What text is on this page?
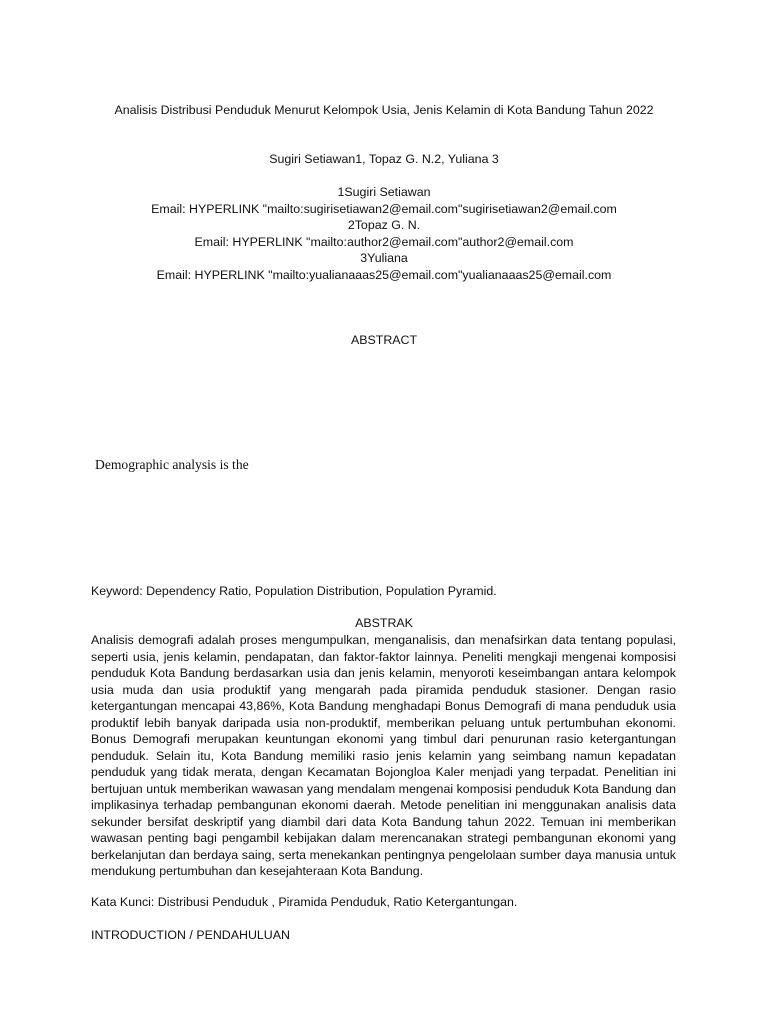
Analisis Distribusi Penduduk Menurut Kelompok Usia, Jenis Kelamin di Kota Bandung Tahun 2022
Sugiri Setiawan1, Topaz G. N.2, Yuliana 3
1Sugiri Setiawan
Email: HYPERLINK "mailto:sugirisetiawan2@email.com"sugirisetiawan2@email.com
2Topaz G. N.
Email: HYPERLINK "mailto:author2@email.com"author2@email.com
3Yuliana
Email: HYPERLINK "mailto:yualianaaas25@email.com"yualianaaas25@email.com
ABSTRACT
Demographic analysis is the
Keyword: Dependency Ratio, Population Distribution, Population Pyramid.
ABSTRAK
Analisis demografi adalah proses mengumpulkan, menganalisis, dan menafsirkan data tentang populasi, seperti usia, jenis kelamin, pendapatan, dan faktor-faktor lainnya. Peneliti mengkaji mengenai komposisi penduduk Kota Bandung berdasarkan usia dan jenis kelamin, menyoroti keseimbangan antara kelompok usia muda dan usia produktif yang mengarah pada piramida penduduk stasioner. Dengan rasio ketergantungan mencapai 43,86%, Kota Bandung menghadapi Bonus Demografi di mana penduduk usia produktif lebih banyak daripada usia non-produktif, memberikan peluang untuk pertumbuhan ekonomi. Bonus Demografi merupakan keuntungan ekonomi yang timbul dari penurunan rasio ketergantungan penduduk. Selain itu, Kota Bandung memiliki rasio jenis kelamin yang seimbang namun kepadatan penduduk yang tidak merata, dengan Kecamatan Bojongloa Kaler menjadi yang terpadat. Penelitian ini bertujuan untuk memberikan wawasan yang mendalam mengenai komposisi penduduk Kota Bandung dan implikasinya terhadap pembangunan ekonomi daerah. Metode penelitian ini menggunakan analisis data sekunder bersifat deskriptif yang diambil dari data Kota Bandung tahun 2022. Temuan ini memberikan wawasan penting bagi pengambil kebijakan dalam merencanakan strategi pembangunan ekonomi yang berkelanjutan dan berdaya saing, serta menekankan pentingnya pengelolaan sumber daya manusia untuk mendukung pertumbuhan dan kesejahteraan Kota Bandung.
Kata Kunci: Distribusi Penduduk , Piramida Penduduk, Ratio Ketergantungan.
INTRODUCTION / PENDAHULUAN
